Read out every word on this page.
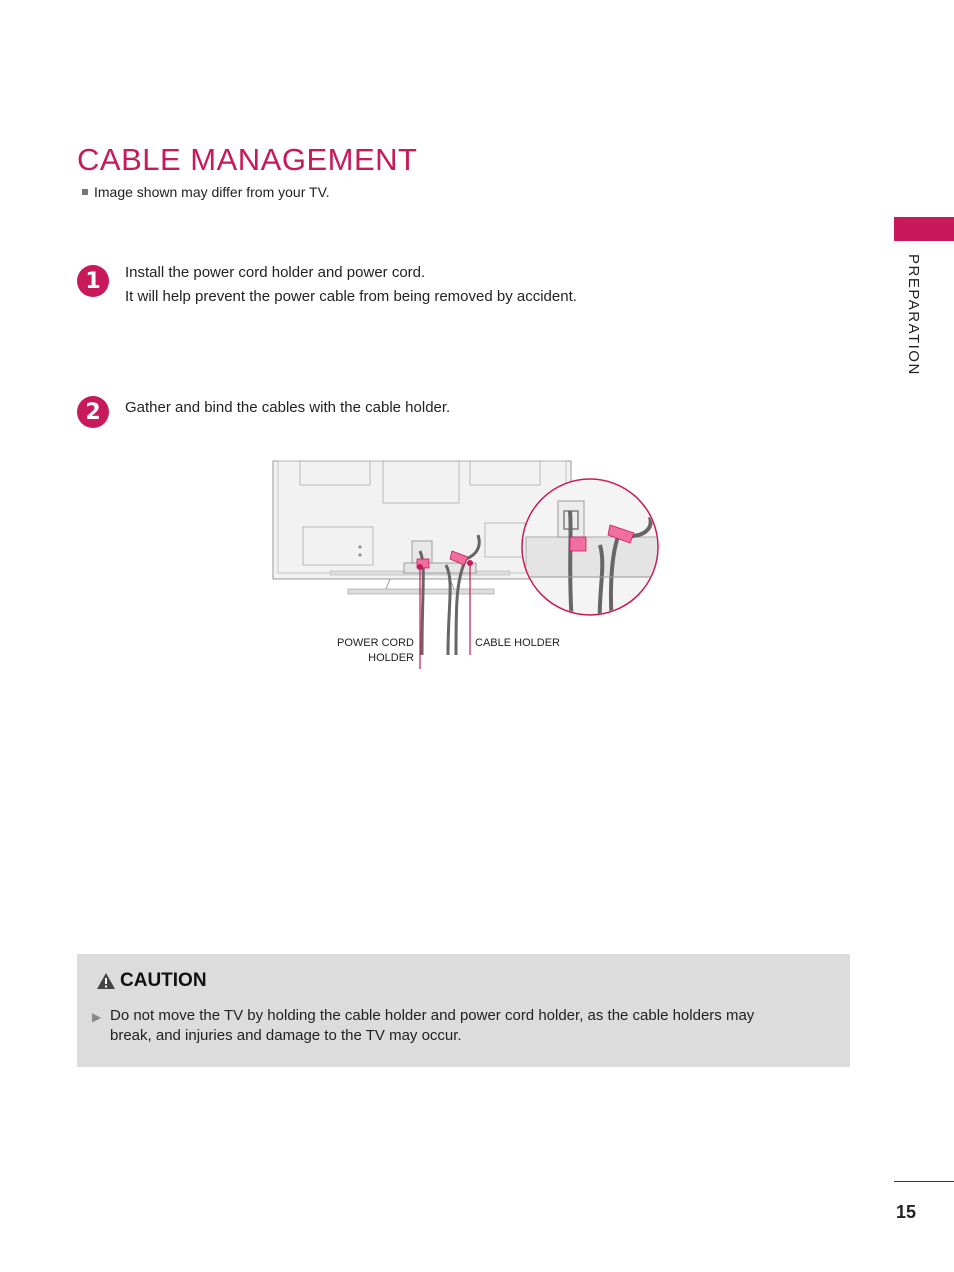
CABLE MANAGEMENT
Image shown may differ from your TV.
PREPARATION
1	Install the power cord holder and power cord.
It will help prevent the power cable from being removed by accident.
2	Gather and bind the cables with the cable holder.
POWER CORD
HOLDER
CABLE HOLDER
CAUTION
▶ Do not move the TV by holding the cable holder and power cord holder, as the cable holders may break, and injuries and damage to the TV may occur.
15
